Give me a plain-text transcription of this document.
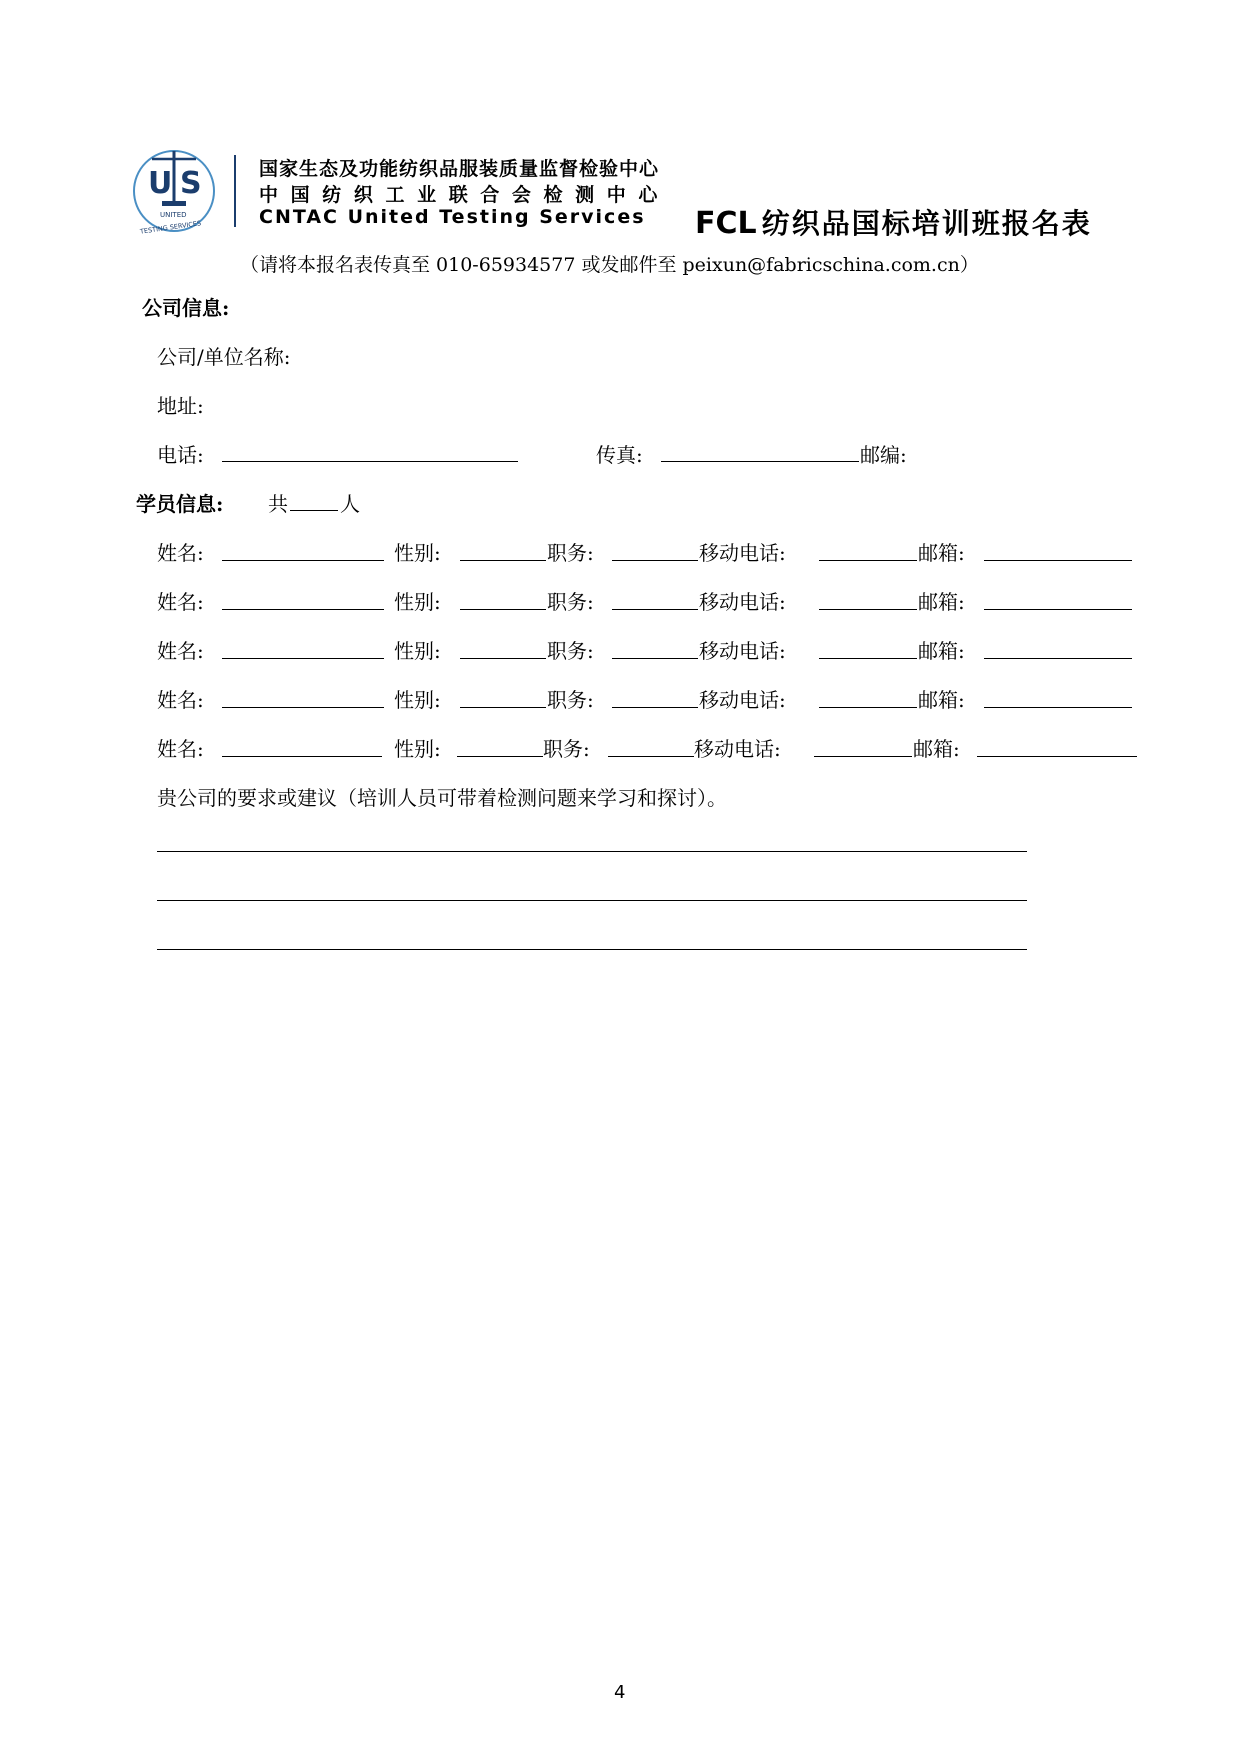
U S
UNITED
TESTING SERVICES
国家生态及功能纺织品服装质量监督检验中心
中 国 纺 织 工 业 联 合 会 检 测 中 心
CNTAC United Testing Services FCL 纺织品国标培训班报名表
（请将本报名表传真至 010-65934577 或发邮件至 peixun@fabricschina.com.cn）
公司信息:
公司/单位名称:
地址:
电话:	传真:	邮编:
学员信息: 共	人
姓名:	性别:	职务:	移动电话:	邮箱:
姓名:	性别:	职务:	移动电话:	邮箱:
姓名:	性别:	职务:	移动电话:	邮箱:
姓名:	性别:	职务:	移动电话:	邮箱:
姓名:	性别:	职务:	移动电话:	邮箱:
贵公司的要求或建议（培训人员可带着检测问题来学习和探讨）。
4
